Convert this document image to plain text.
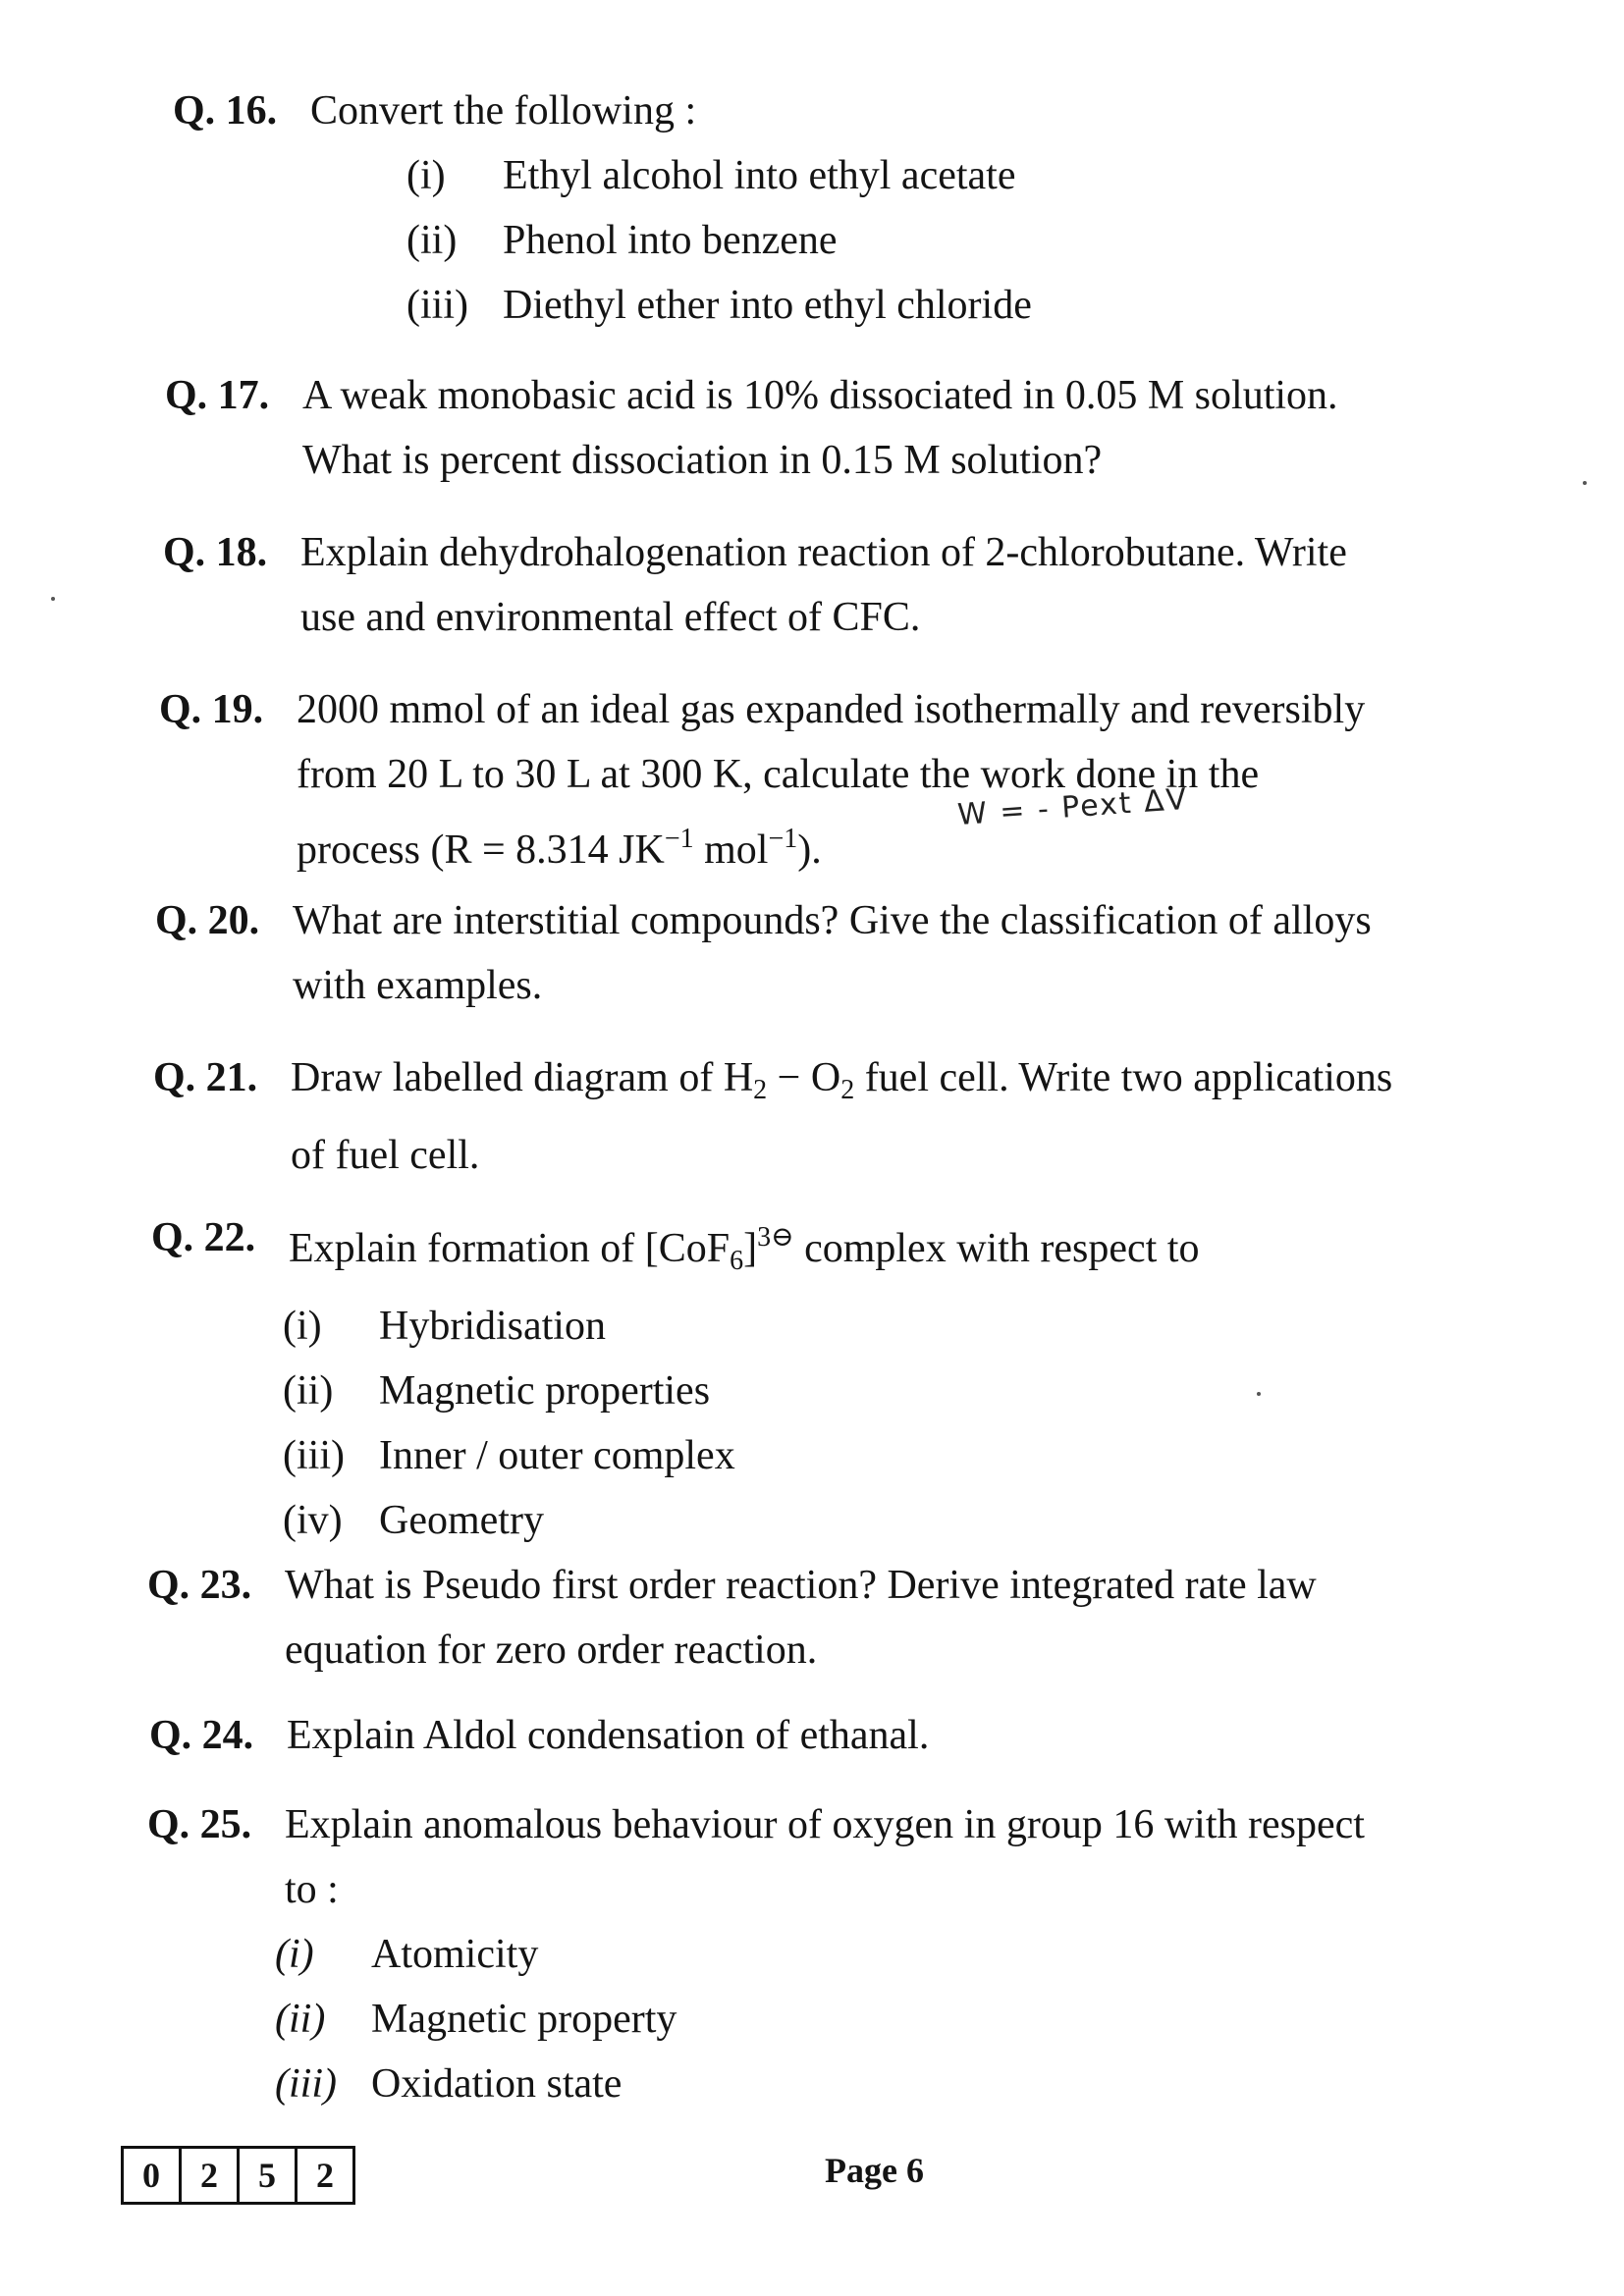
Q. 16. Convert the following :
(i) Ethyl alcohol into ethyl acetate
(ii) Phenol into benzene
(iii) Diethyl ether into ethyl chloride
Q. 17. A weak monobasic acid is 10% dissociated in 0.05 M solution.
What is percent dissociation in 0.15 M solution?
Q. 18. Explain dehydrohalogenation reaction of 2-chlorobutane. Write
use and environmental effect of CFC.
Q. 19. 2000 mmol of an ideal gas expanded isothermally and reversibly
from 20 L to 30 L at 300 K, calculate the work done in the
process (R = 8.314 $JK^{-1}$ mol$^{-1}$).
W = - Pext ΔV
Q. 20. What are interstitial compounds? Give the classification of alloys
with examples.
Q. 21. Draw labelled diagram of $H_2 - O_2$ fuel cell. Write two applications
of fuel cell.
Q. 22. Explain formation of $[CoF_6]^{3⊖}$ complex with respect to
(i) Hybridisation
(ii) Magnetic properties
(iii) Inner / outer complex
(iv) Geometry
Q. 23. What is Pseudo first order reaction? Derive integrated rate law
equation for zero order reaction.
Q. 24. Explain Aldol condensation of ethanal.
Q. 25. Explain anomalous behaviour of oxygen in group 16 with respect
to :
(i) Atomicity
(ii) Magnetic property
(iii) Oxidation state
0	2	5	2	Page 6
